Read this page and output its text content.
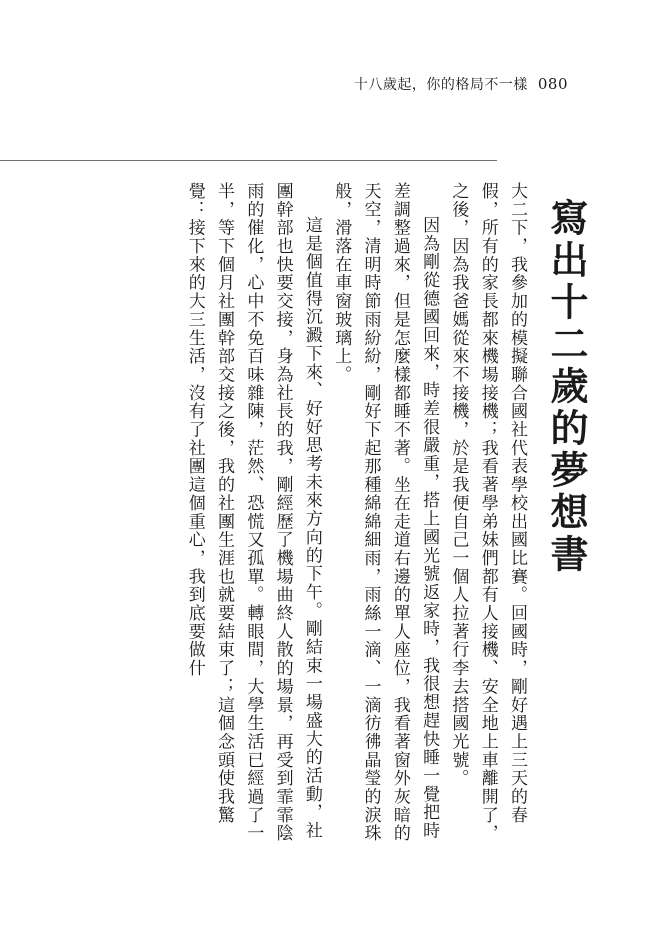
十八歲起，你的格局不一樣 080
寫出十二歲的夢想書

大二下，我參加的模擬聯合國社代表學校出國比賽。回國時，剛好遇上三天的春假，所有的家長都來機場接機；我看著學弟妹們都有人接機、安全地上車離開了，之後，因為我爸媽從來不接機，於是我便自己一個人拉著行李去搭國光號。

因為剛從德國回來，時差很嚴重，搭上國光號返家時，我很想趕快睡一覺把時差調整過來，但是怎麼樣都睡不著。坐在走道右邊的單人座位，我看著窗外灰暗的天空，清明時節雨紛紛，剛好下起那種綿綿細雨，雨絲一滴、一滴彷彿晶瑩的淚珠般，滑落在車窗玻璃上。

這是個值得沉澱下來、好好思考未來方向的下午。剛結束一場盛大的活動，社團幹部也快要交接，身為社長的我，剛經歷了機場曲終人散的場景，再受到霏霏陰雨的催化，心中不免百味雜陳，茫然、恐慌又孤單。轉眼間，大學生活已經過了一半，等下個月社團幹部交接之後，我的社團生涯也就要結束了；這個念頭使我驚覺：接下來的大三生活，沒有了社團這個重心，我到底要做什
